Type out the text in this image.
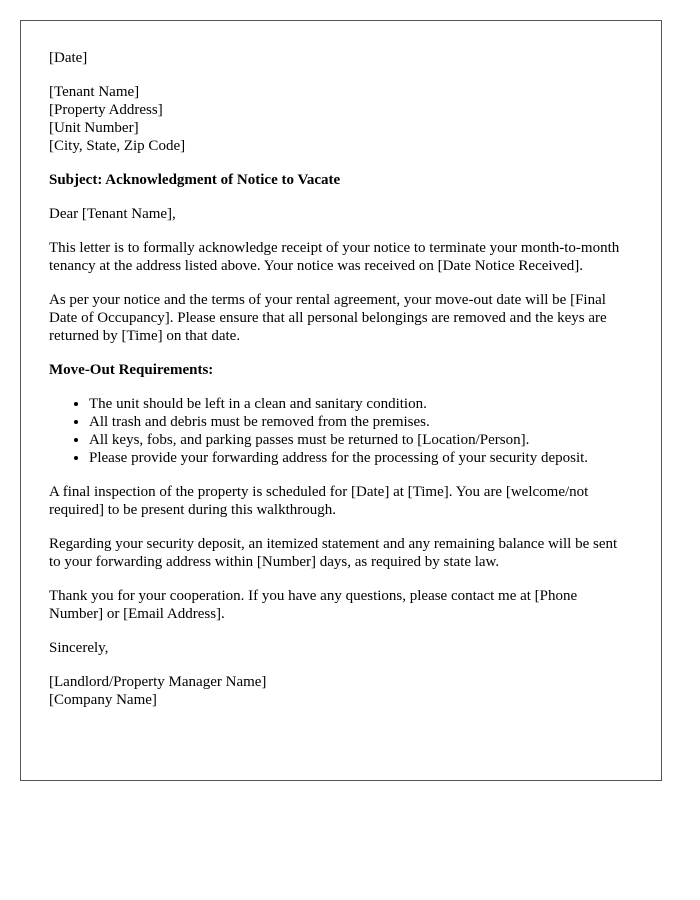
[Date]

[Tenant Name]
[Property Address]
[Unit Number]
[City, State, Zip Code]

Subject: Acknowledgment of Notice to Vacate

Dear [Tenant Name],

This letter is to formally acknowledge receipt of your notice to terminate your month-to-month tenancy at the address listed above. Your notice was received on [Date Notice Received].

As per your notice and the terms of your rental agreement, your move-out date will be [Final Date of Occupancy]. Please ensure that all personal belongings are removed and the keys are returned by [Time] on that date.

Move-Out Requirements:

• The unit should be left in a clean and sanitary condition.
• All trash and debris must be removed from the premises.
• All keys, fobs, and parking passes must be returned to [Location/Person].
• Please provide your forwarding address for the processing of your security deposit.

A final inspection of the property is scheduled for [Date] at [Time]. You are [welcome/not required] to be present during this walkthrough.

Regarding your security deposit, an itemized statement and any remaining balance will be sent to your forwarding address within [Number] days, as required by state law.

Thank you for your cooperation. If you have any questions, please contact me at [Phone Number] or [Email Address].

Sincerely,

[Landlord/Property Manager Name]
[Company Name]
